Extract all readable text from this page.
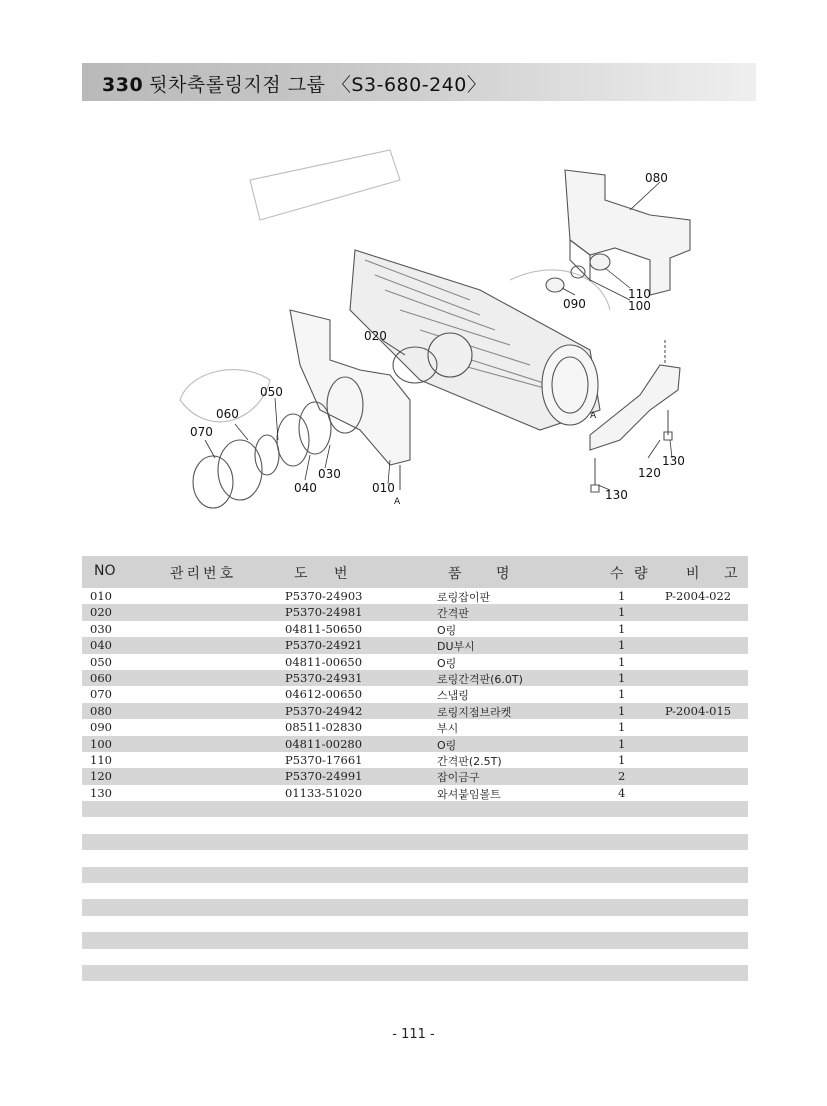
330 뒷차축롤링지점 그룹 〈S3-680-240〉
080
110
100
090
020
050
060
070
030
040	010
120
130
130
A
A
NO	관리번호	도 번	품 명	수 량	비 고
010	P5370-24903	로링잡이판	1	P-2004-022
020	P5370-24981	간격판	1
030	04811-50650	O링	1
040	P5370-24921	DU부시	1
050	04811-00650	O링	1
060	P5370-24931	로링간격판(6.0T)	1
070	04612-00650	스냅링	1
080	P5370-24942	로링지점브라켓	1	P-2004-015
090	08511-02830	부시	1
100	04811-00280	O링	1
110	P5370-17661	간격판(2.5T)	1
120	P5370-24991	잡이금구	2
130	01133-51020	와셔붙임볼트	4
- 111 -
